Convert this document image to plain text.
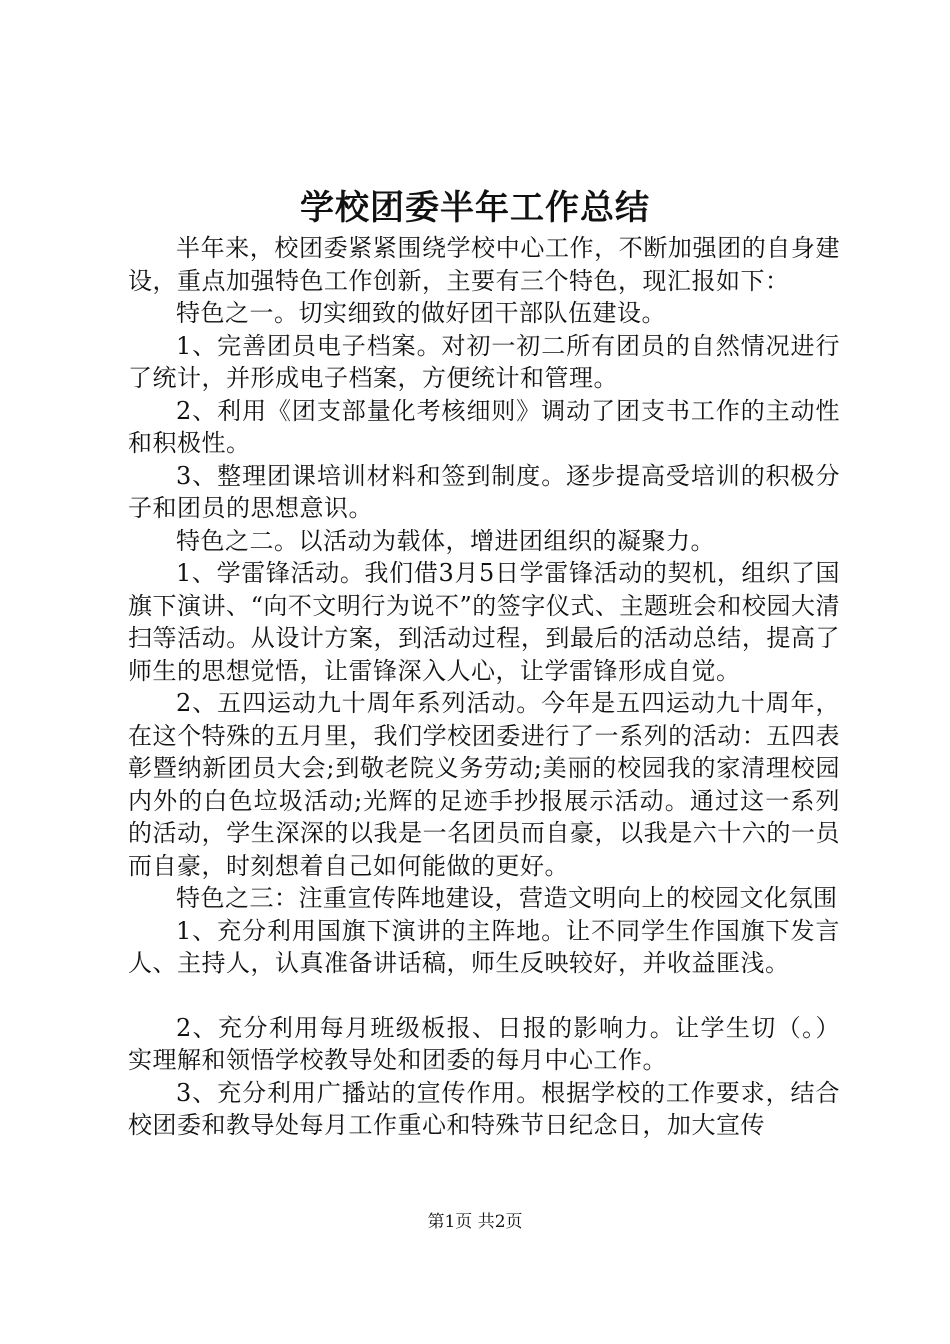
学校团委半年工作总结

半年来，校团委紧紧围绕学校中心工作，不断加强团的自身建设，重点加强特色工作创新，主要有三个特色，现汇报如下：

特色之一。切实细致的做好团干部队伍建设。

1、完善团员电子档案。对初一初二所有团员的自然情况进行了统计，并形成电子档案，方便统计和管理。

2、利用《团支部量化考核细则》调动了团支书工作的主动性和积极性。

3、整理团课培训材料和签到制度。逐步提高受培训的积极分子和团员的思想意识。

特色之二。以活动为载体，增进团组织的凝聚力。

1、学雷锋活动。我们借3月5日学雷锋活动的契机，组织了国旗下演讲、“向不文明行为说不”的签字仪式、主题班会和校园大清扫等活动。从设计方案，到活动过程，到最后的活动总结，提高了师生的思想觉悟，让雷锋深入人心，让学雷锋形成自觉。

2、五四运动九十周年系列活动。今年是五四运动九十周年，在这个特殊的五月里，我们学校团委进行了一系列的活动：五四表彰暨纳新团员大会;到敬老院义务劳动;美丽的校园我的家清理校园内外的白色垃圾活动;光辉的足迹手抄报展示活动。通过这一系列的活动，学生深深的以我是一名团员而自豪，以我是六十六的一员而自豪，时刻想着自己如何能做的更好。

特色之三：注重宣传阵地建设，营造文明向上的校园文化氛围

1、充分利用国旗下演讲的主阵地。让不同学生作国旗下发言人、主持人，认真准备讲话稿，师生反映较好，并收益匪浅。

2、充分利用每月班级板报、日报的影响力。让学生切（。）实理解和领悟学校教导处和团委的每月中心工作。

3、充分利用广播站的宣传作用。根据学校的工作要求，结合校团委和教导处每月工作重心和特殊节日纪念日，加大宣传

第1页 共2页
